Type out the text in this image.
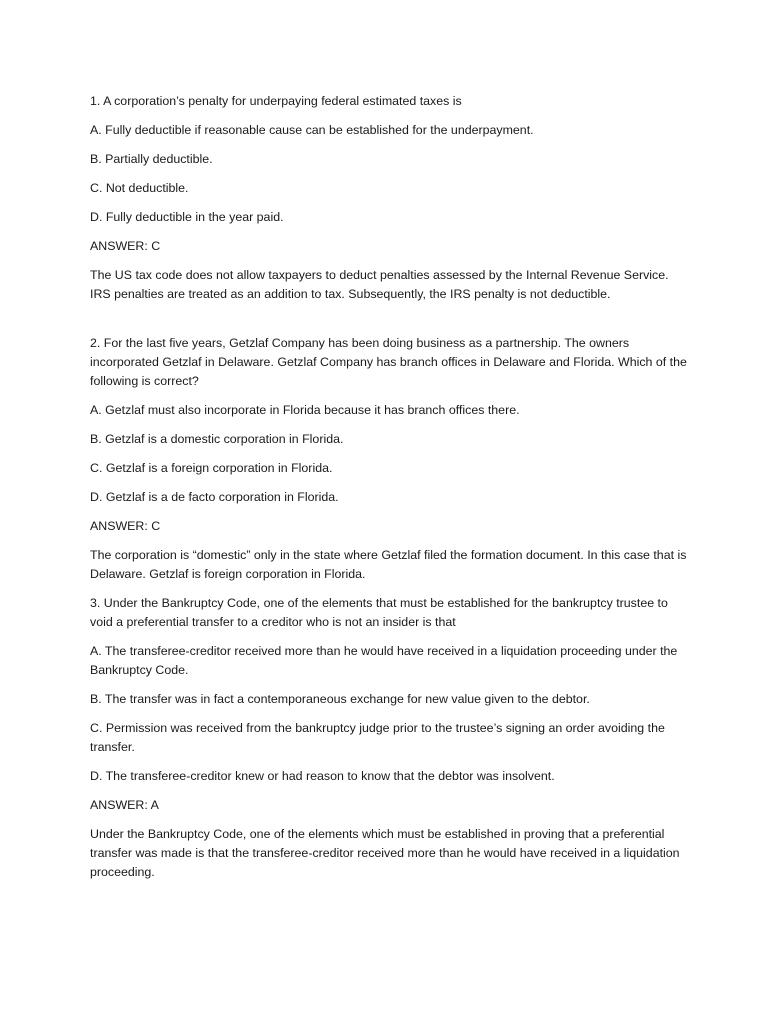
1. A corporation’s penalty for underpaying federal estimated taxes is

A. Fully deductible if reasonable cause can be established for the underpayment.

B. Partially deductible.

C. Not deductible.

D. Fully deductible in the year paid.

ANSWER: C

The US tax code does not allow taxpayers to deduct penalties assessed by the Internal Revenue Service. IRS penalties are treated as an addition to tax. Subsequently, the IRS penalty is not deductible.

2. For the last five years, Getzlaf Company has been doing business as a partnership. The owners incorporated Getzlaf in Delaware. Getzlaf Company has branch offices in Delaware and Florida. Which of the following is correct?

A. Getzlaf must also incorporate in Florida because it has branch offices there.

B. Getzlaf is a domestic corporation in Florida.

C. Getzlaf is a foreign corporation in Florida.

D. Getzlaf is a de facto corporation in Florida.

ANSWER: C

The corporation is “domestic” only in the state where Getzlaf filed the formation document. In this case that is Delaware. Getzlaf is foreign corporation in Florida.

3. Under the Bankruptcy Code, one of the elements that must be established for the bankruptcy trustee to void a preferential transfer to a creditor who is not an insider is that

A. The transferee-creditor received more than he would have received in a liquidation proceeding under the Bankruptcy Code.

B. The transfer was in fact a contemporaneous exchange for new value given to the debtor.

C. Permission was received from the bankruptcy judge prior to the trustee’s signing an order avoiding the transfer.

D. The transferee-creditor knew or had reason to know that the debtor was insolvent.

ANSWER: A

Under the Bankruptcy Code, one of the elements which must be established in proving that a preferential transfer was made is that the transferee-creditor received more than he would have received in a liquidation proceeding.
